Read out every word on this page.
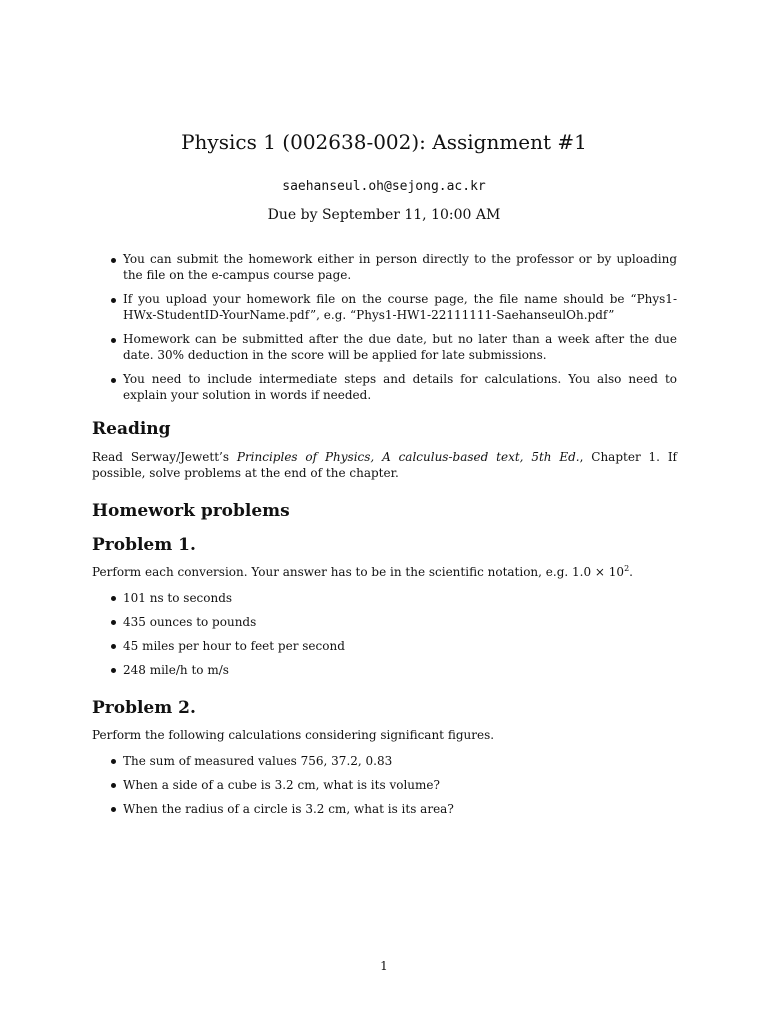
Physics 1 (002638-002): Assignment #1
saehanseul.oh@sejong.ac.kr
Due by September 11, 10:00 AM
You can submit the homework either in person directly to the professor or by uploading the file on the e-campus course page.
If you upload your homework file on the course page, the file name should be “Phys1-HWx-StudentID-YourName.pdf”, e.g. “Phys1-HW1-22111111-SaehanseulOh.pdf”
Homework can be submitted after the due date, but no later than a week after the due date. 30% deduction in the score will be applied for late submissions.
You need to include intermediate steps and details for calculations. You also need to explain your solution in words if needed.
Reading

Read Serway/Jewett’s Principles of Physics, A calculus-based text, 5th Ed., Chapter 1. If possible, solve problems at the end of the chapter.

Homework problems
Problem 1.

Perform each conversion. Your answer has to be in the scientific notation, e.g. $1.0 \times 10^2$.

101 ns to seconds
435 ounces to pounds
45 miles per hour to feet per second
248 mile/h to m/s
Problem 2.

Perform the following calculations considering significant figures.

The sum of measured values 756, 37.2, 0.83
When a side of a cube is 3.2 cm, what is its volume?
When the radius of a circle is 3.2 cm, what is its area?
1
